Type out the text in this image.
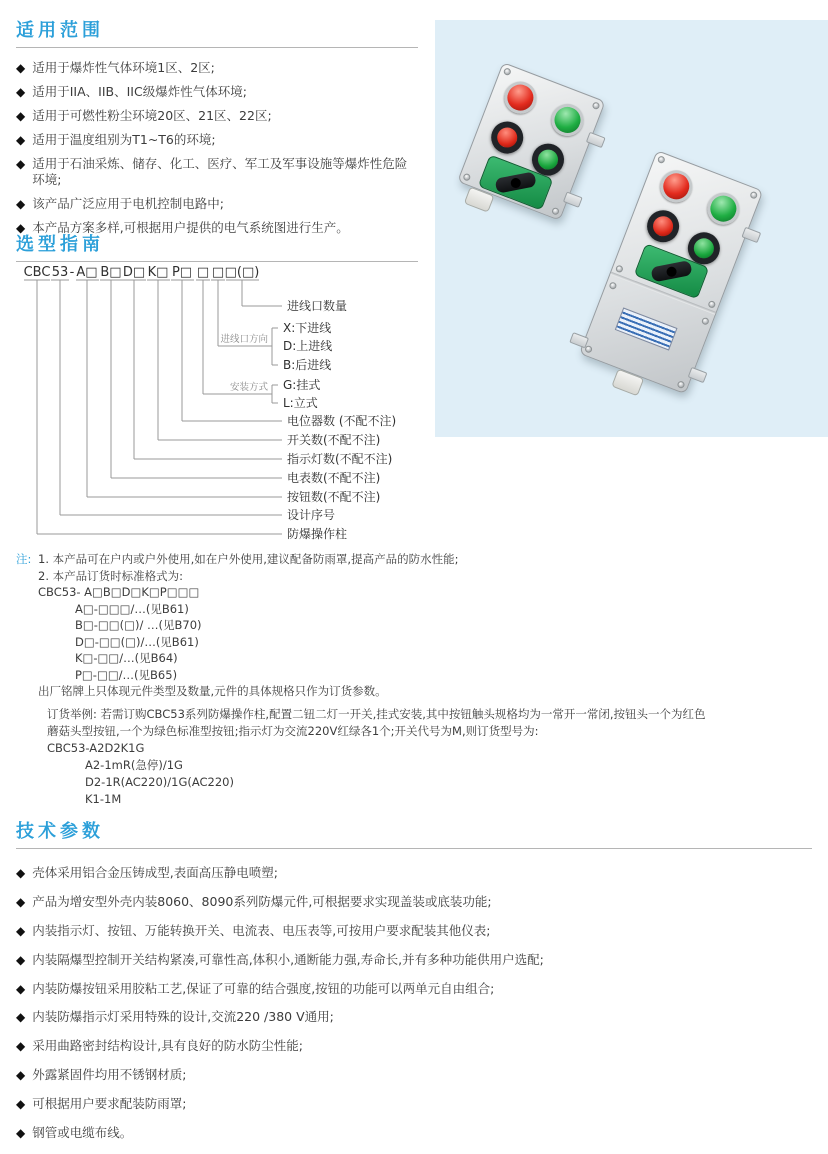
适用范围
◆ 适用于爆炸性气体环境1区、2区;
◆ 适用于IIA、IIB、IIC级爆炸性气体环境;
◆ 适用于可燃性粉尘环境20区、21区、22区;
◆ 适用于温度组别为T1~T6的环境;
◆ 适用于石油采炼、储存、化工、医疗、军工及军事设施等爆炸性危险环境;
◆ 该产品广泛应用于电机控制电路中;
◆ 本产品方案多样,可根据用户提供的电气系统图进行生产。
选型指南
CBC 53 - A□ B□ D□ K□ P□ □ □ □(□)
进线口数量
进线口方向
X:下进线
D:上进线
B:后进线
安装方式 G:挂式
L:立式
电位器数 (不配不注)
开关数(不配不注)
指示灯数(不配不注)
电表数(不配不注)
按钮数(不配不注)
设计序号
防爆操作柱
注: 1. 本产品可在户内或户外使用,如在户外使用,建议配备防雨罩,提高产品的防水性能;
2. 本产品订货时标准格式为:
CBC53- A□B□D□K□P□□□
A□-□□□/…(见B61)
B□-□□(□)/ …(见B70)
D□-□□(□)/…(见B61)
K□-□□/…(见B64)
P□-□□/…(见B65)
出厂铭牌上只体现元件类型及数量,元件的具体规格只作为订货参数。
订货举例: 若需订购CBC53系列防爆操作柱,配置二钮二灯一开关,挂式安装,其中按钮触头规格均为一常开一常闭,按钮头一个为红色
蘑菇头型按钮,一个为绿色标准型按钮;指示灯为交流220V红绿各1个;开关代号为M,则订货型号为:
CBC53-A2D2K1G
A2-1mR(急停)/1G
D2-1R(AC220)/1G(AC220)
K1-1M
技术参数
◆ 壳体采用铝合金压铸成型,表面高压静电喷塑;
◆ 产品为增安型外壳内装8060、8090系列防爆元件,可根据要求实现盖装或底装功能;
◆ 内装指示灯、按钮、万能转换开关、电流表、电压表等,可按用户要求配装其他仪表;
◆ 内装隔爆型控制开关结构紧凑,可靠性高,体积小,通断能力强,寿命长,并有多种功能供用户选配;
◆ 内装防爆按钮采用胶粘工艺,保证了可靠的结合强度,按钮的功能可以两单元自由组合;
◆ 内装防爆指示灯采用特殊的设计,交流220 /380 V通用;
◆ 采用曲路密封结构设计,具有良好的防水防尘性能;
◆ 外露紧固件均用不锈钢材质;
◆ 可根据用户要求配装防雨罩;
◆ 钢管或电缆布线。
